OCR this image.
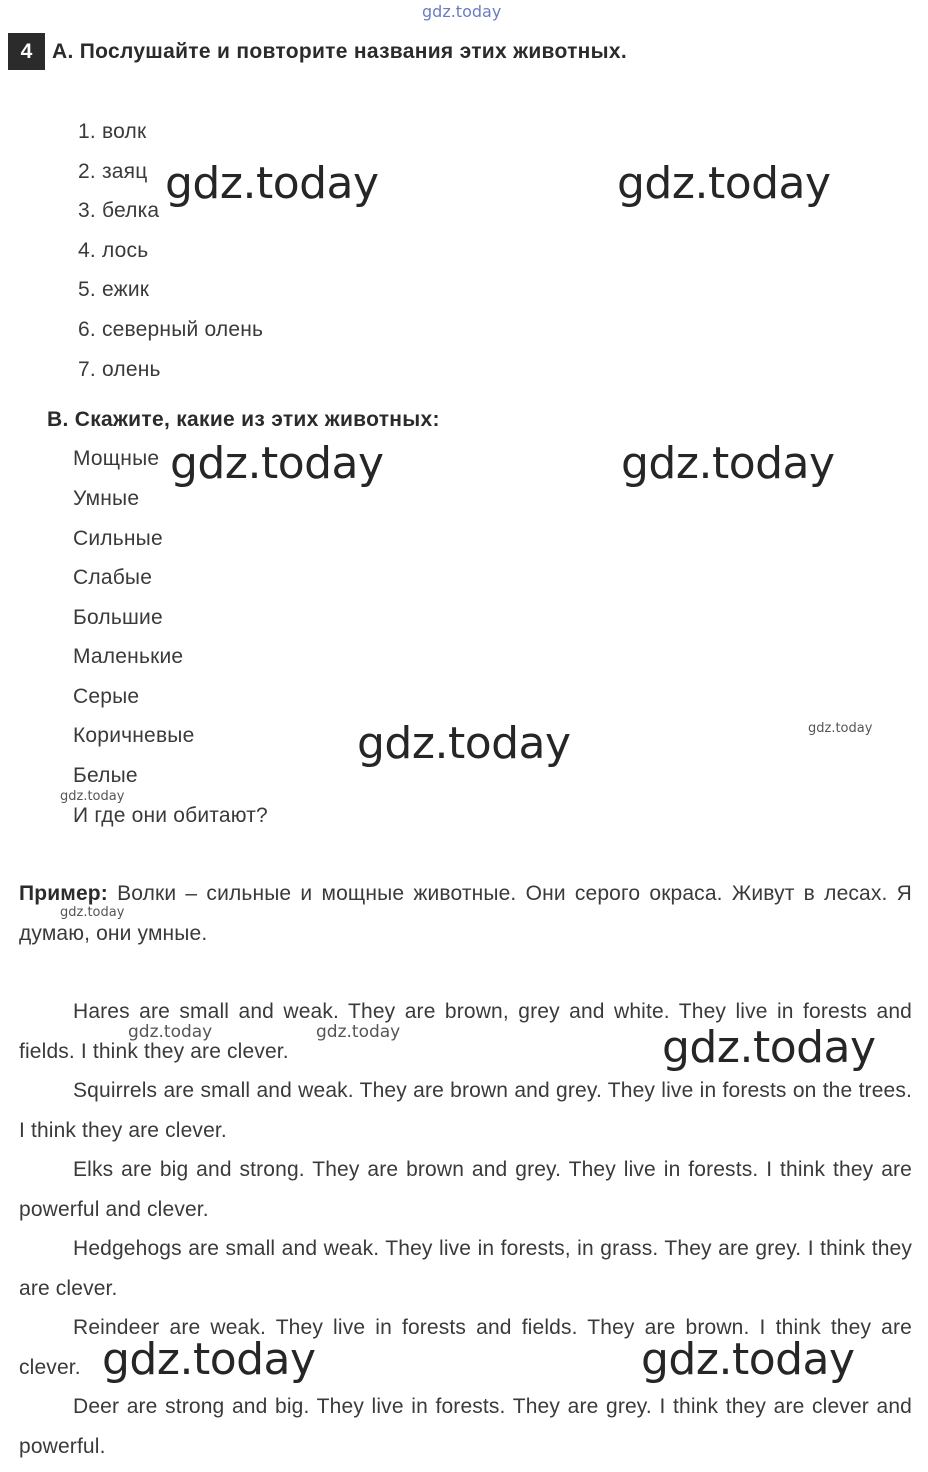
gdz.today
4 А. Послушайте и повторите названия этих животных.
1. волк
2. заяц
3. белка
4. лось
5. ежик
6. северный олень
7. олень
В. Скажите, какие из этих животных:
Мощные
Умные
Сильные
Слабые
Большие
Маленькие
Серые
Коричневые
Белые
И где они обитают?
Пример: Волки – сильные и мощные животные. Они серого окраса. Живут в лесах. Я думаю, они умные.
Hares are small and weak. They are brown, grey and white. They live in forests and fields. I think they are clever.
Squirrels are small and weak. They are brown and grey. They live in forests on the trees. I think they are clever.
Elks are big and strong. They are brown and grey. They live in forests. I think they are powerful and clever.
Hedgehogs are small and weak. They live in forests, in grass. They are grey. I think they are clever.
Reindeer are weak. They live in forests and fields. They are brown. I think they are clever.
Deer are strong and big. They live in forests. They are grey. I think they are clever and powerful.
gdz.today	gdz.today
gdz.today	gdz.today
gdz.today
gdz.today
gdz.today	gdz.today
gdz.today
gdz.today
gdz.today
gdz.today	gdz.today
